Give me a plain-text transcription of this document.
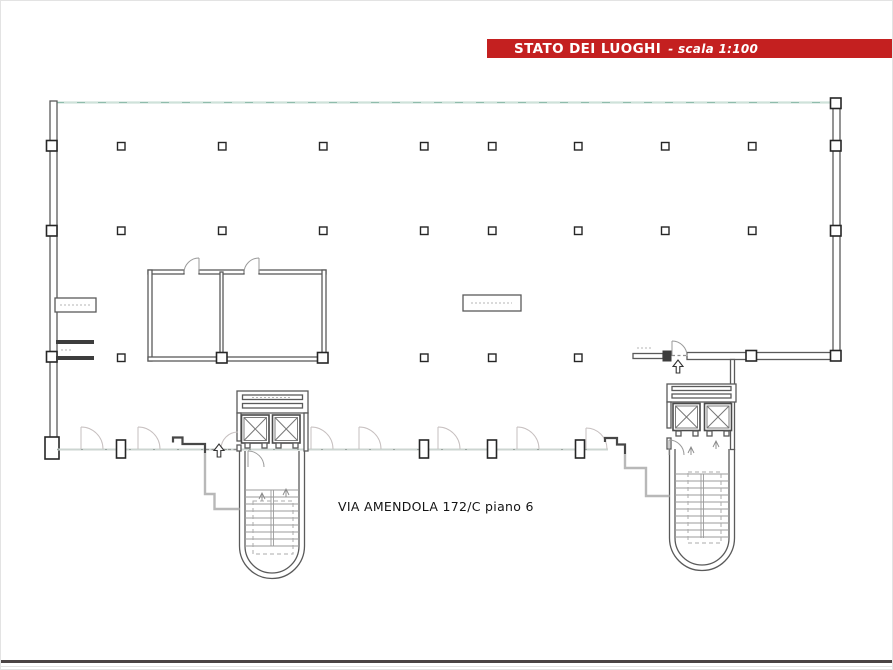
STATO DEI LUOGHI - scala 1:100
VIA AMENDOLA 172/C piano 6
